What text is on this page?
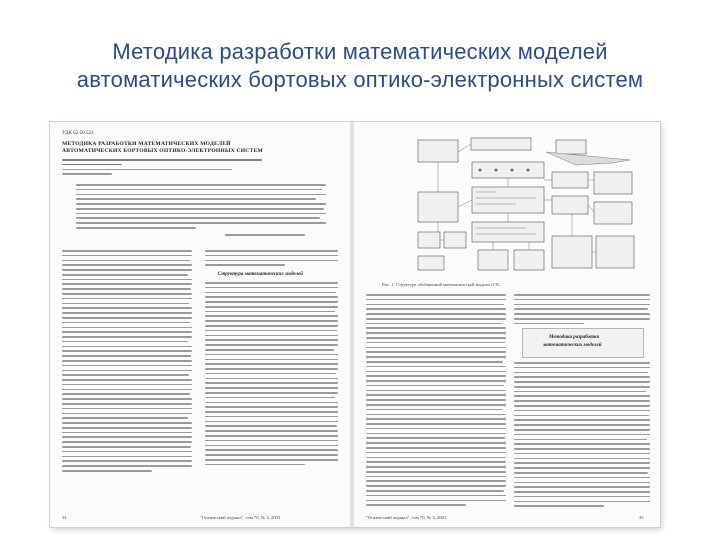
Методика разработки математических моделей
автоматических бортовых оптико-электронных систем
УДК 62-50.522
МЕТОДИКА РАЗРАБОТКИ МАТЕМАТИЧЕСКИХ МОДЕЛЕЙ
АВТОМАТИЧЕСКИХ БОРТОВЫХ ОПТИКО-ЭЛЕКТРОННЫХ СИСТЕМ
Структура математических моделей
34	"Оптический журнал", том 70, № 3, 2003
Рис. 1. Структура обобщенной математической модели ОЭС
Методика разработки
математических моделей
"Оптический журнал", том 70, № 3, 2003	35
